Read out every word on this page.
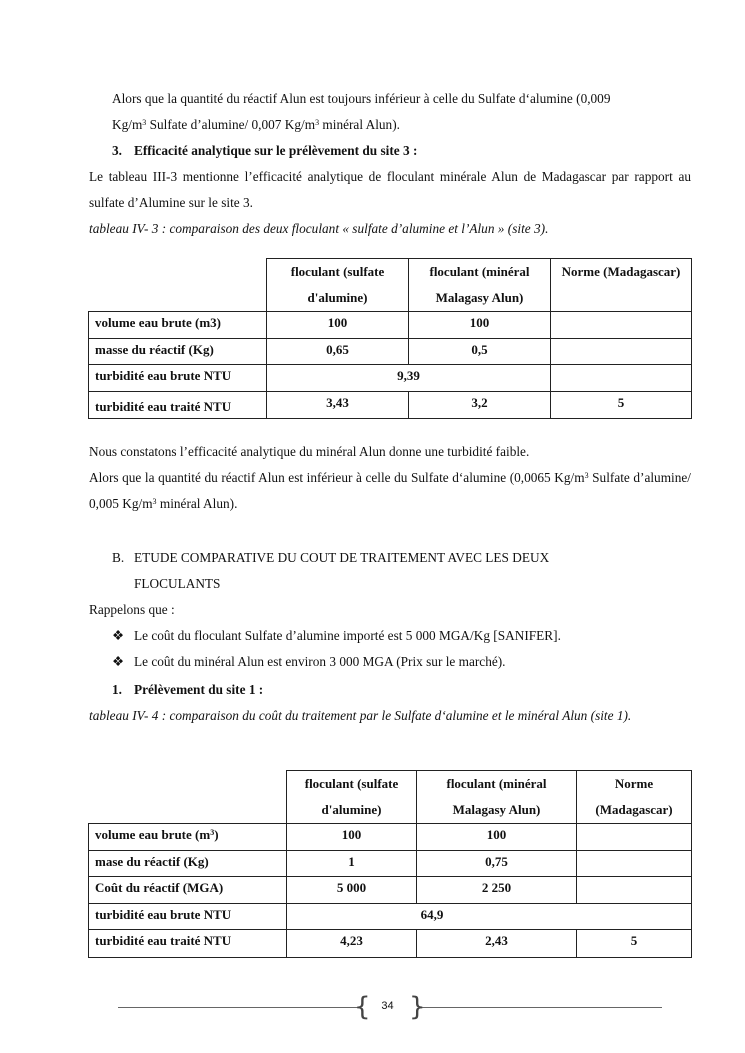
Alors que la quantité du réactif Alun est toujours inférieur à celle du Sulfate d‘alumine (0,009
$Kg/m^3$ Sulfate d’alumine/ 0,007 $Kg/m^3$ minéral Alun).
3. Efficacité analytique sur le prélèvement du site 3 :
Le tableau III-3 mentionne l’efficacité analytique de floculant minérale Alun de Madagascar par rapport au sulfate d’Alumine sur le site 3.
tableau IV- 3 : comparaison des deux floculant « sulfate d’alumine et l’Alun » (site 3).
	floculant (sulfate d'alumine)	floculant (minéral Malagasy Alun)	Norme (Madagascar)
volume eau brute (m3)	100	100	
masse du réactif (Kg)	0,65	0,5	
turbidité eau brute NTU	9,39		
turbidité eau traité NTU	3,43	3,2	5
Nous constatons l’efficacité analytique du minéral Alun donne une turbidité faible.
Alors que la quantité du réactif Alun est inférieur à celle du Sulfate d‘alumine (0,0065 $Kg/m^3$ Sulfate d’alumine/ 0,005 $Kg/m^3$ minéral Alun).
B. ETUDE COMPARATIVE DU COUT DE TRAITEMENT AVEC LES DEUX
FLOCULANTS
Rappelons que :
❖ Le coût du floculant Sulfate d’alumine importé est 5 000 MGA/Kg [SANIFER].
❖ Le coût du minéral Alun est environ 3 000 MGA (Prix sur le marché).
1. Prélèvement du site 1 :
tableau IV- 4 : comparaison du coût du traitement par le Sulfate d‘alumine et le minéral Alun (site 1).
	floculant (sulfate d'alumine)	floculant (minéral Malagasy Alun)	Norme (Madagascar)
volume eau brute $(m^3)$	100	100	
mase du réactif (Kg)	1	0,75	
Coût du réactif (MGA)	5 000	2 250	
turbidité eau brute NTU	64,9		
turbidité eau traité NTU	4,23	2,43	5
{ }
34
